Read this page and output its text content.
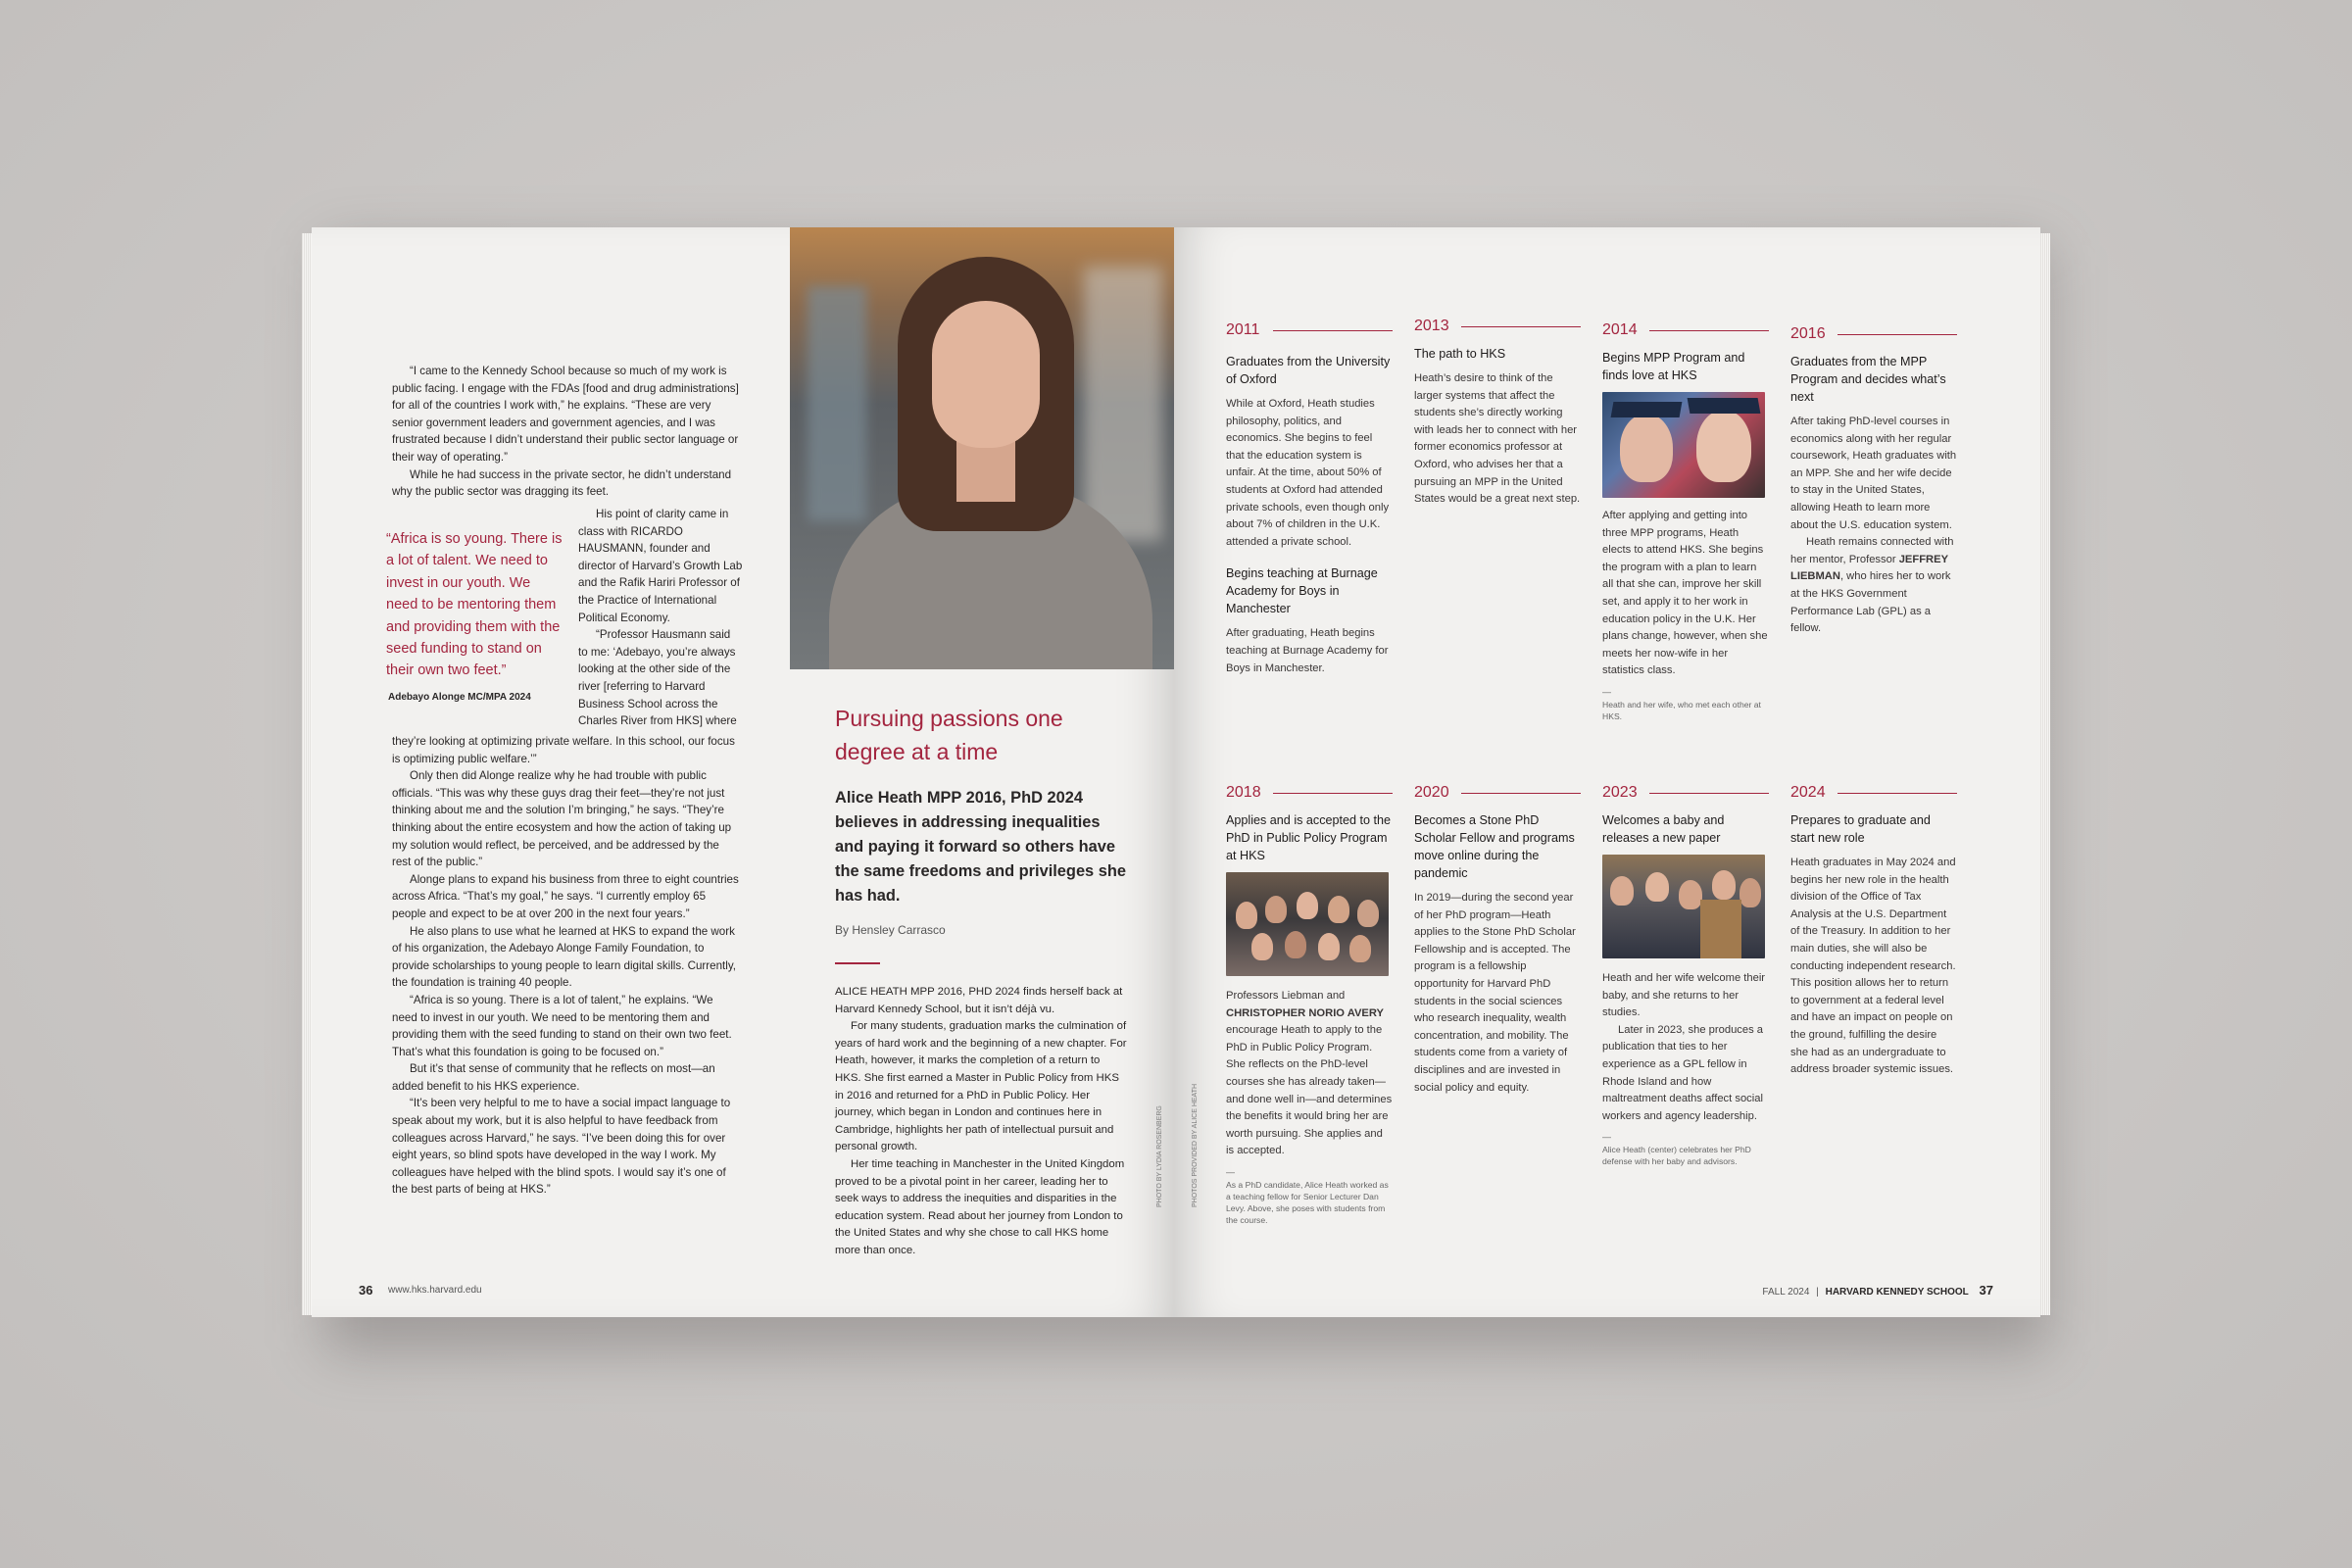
“I came to the Kennedy School because so much of my work is public facing. I engage with the FDAs [food and drug administrations] for all of the countries I work with,” he explains. “These are very senior government leaders and government agencies, and I was frustrated because I didn’t understand their public sector language or their way of operating.”

While he had success in the private sector, he didn’t understand why the public sector was dragging its feet.

“Africa is so young. There is a lot of talent. We need to invest in our youth. We need to be mentoring them and providing them with the seed funding to stand on their own two feet.”
Adebayo Alonge MC/MPA 2024

His point of clarity came in class with RICARDO HAUSMANN, founder and director of Harvard’s Growth Lab and the Rafik Hariri Professor of the Practice of International Political Economy.

“Professor Hausmann said to me: ‘Adebayo, you’re always looking at the other side of the river [referring to Harvard Business School across the Charles River from HKS] where

they’re looking at optimizing private welfare. In this school, our focus is optimizing public welfare.’”

Only then did Alonge realize why he had trouble with public officials. “This was why these guys drag their feet—they’re not just thinking about me and the solution I’m bringing,” he says. “They’re thinking about the entire ecosystem and how the action of taking up my solution would reflect, be perceived, and be addressed by the rest of the public.”

Alonge plans to expand his business from three to eight countries across Africa. “That’s my goal,” he says. “I currently employ 65 people and expect to be at over 200 in the next four years.”

He also plans to use what he learned at HKS to expand the work of his organization, the Adebayo Alonge Family Foundation, to provide scholarships to young people to learn digital skills. Currently, the foundation is training 40 people.

“Africa is so young. There is a lot of talent,” he explains. “We need to invest in our youth. We need to be mentoring them and providing them with the seed funding to stand on their own two feet. That’s what this foundation is going to be focused on.”

But it’s that sense of community that he reflects on most—an added benefit to his HKS experience.

“It’s been very helpful to me to have a social impact language to speak about my work, but it is also helpful to have feedback from colleagues across Harvard,” he says. “I’ve been doing this for over eight years, so blind spots have developed in the way I work. My colleagues have helped with the blind spots. I would say it’s one of the best parts of being at HKS.”

36 www.hks.harvard.edu
Pursuing passions one degree at a time
Alice Heath MPP 2016, PhD 2024 believes in addressing inequalities and paying it forward so others have the same freedoms and privileges she has had.
By Hensley Carrasco

ALICE HEATH MPP 2016, PHD 2024 finds herself back at Harvard Kennedy School, but it isn’t déjà vu.

For many students, graduation marks the culmination of years of hard work and the beginning of a new chapter. For Heath, however, it marks the completion of a return to HKS. She first earned a Master in Public Policy from HKS in 2016 and returned for a PhD in Public Policy. Her journey, which began in London and continues here in Cambridge, highlights her path of intellectual pursuit and personal growth.

Her time teaching in Manchester in the United Kingdom proved to be a pivotal point in her career, leading her to seek ways to address the inequities and disparities in the education system. Read about her journey from London to the United States and why she chose to call HKS home more than once.

PHOTO BY LYDIA ROSENBERG	PHOTOS PROVIDED BY ALICE HEATH
2011
Graduates from the University of Oxford

While at Oxford, Heath studies philosophy, politics, and economics. She begins to feel that the education system is unfair. At the time, about 50% of students at Oxford had attended private schools, even though only about 7% of children in the U.K. attended a private school.

Begins teaching at Burnage Academy for Boys in Manchester

After graduating, Heath begins teaching at Burnage Academy for Boys in Manchester.

2013
The path to HKS

Heath’s desire to think of the larger systems that affect the students she’s directly working with leads her to connect with her former economics professor at Oxford, who advises her that a pursuing an MPP in the United States would be a great next step.

2014
Begins MPP Program and finds love at HKS

After applying and getting into three MPP programs, Heath elects to attend HKS. She begins the program with a plan to learn all that she can, improve her skill set, and apply it to her work in education policy in the U.K. Her plans change, however, when she meets her now-wife in her statistics class.

—
Heath and her wife, who met each other at HKS.
2016
Graduates from the MPP Program and decides what’s next

After taking PhD-level courses in economics along with her regular coursework, Heath graduates with an MPP. She and her wife decide to stay in the United States, allowing Heath to learn more about the U.S. education system.

Heath remains connected with her mentor, Professor JEFFREY LIEBMAN, who hires her to work at the HKS Government Performance Lab (GPL) as a fellow.

2018
Applies and is accepted to the PhD in Public Policy Program at HKS

Professors Liebman and CHRISTOPHER NORIO AVERY encourage Heath to apply to the PhD in Public Policy Program. She reflects on the PhD-level courses she has already taken—and done well in—and determines the benefits it would bring her are worth pursuing. She applies and is accepted.

—
As a PhD candidate, Alice Heath worked as a teaching fellow for Senior Lecturer Dan Levy. Above, she poses with students from the course.
2020
Becomes a Stone PhD Scholar Fellow and programs move online during the pandemic

In 2019—during the second year of her PhD program—Heath applies to the Stone PhD Scholar Fellowship and is accepted. The program is a fellowship opportunity for Harvard PhD students in the social sciences who research inequality, wealth concentration, and mobility. The students come from a variety of disciplines and are invested in social policy and equity.

2023
Welcomes a baby and releases a new paper

Heath and her wife welcome their baby, and she returns to her studies.

Later in 2023, she produces a publication that ties to her experience as a GPL fellow in Rhode Island and how maltreatment deaths affect social workers and agency leadership.

—
Alice Heath (center) celebrates her PhD defense with her baby and advisors.
2024
Prepares to graduate and start new role

Heath graduates in May 2024 and begins her new role in the health division of the Office of Tax Analysis at the U.S. Department of the Treasury. In addition to her main duties, she will also be conducting independent research. This position allows her to return to government at a federal level and have an impact on people on the ground, fulfilling the desire she had as an undergraduate to address broader systemic issues.

FALL 2024 | HARVARD KENNEDY SCHOOL 37
